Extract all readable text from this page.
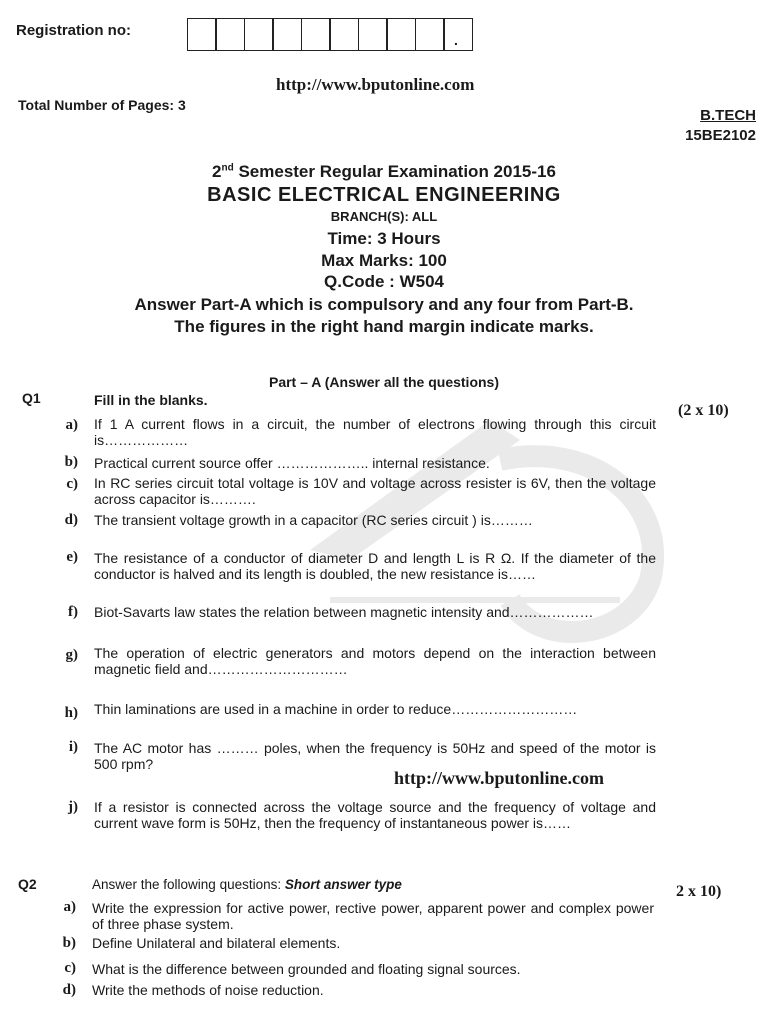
Registration no:
.
http://www.bputonline.com
Total Number of Pages: 3
B.TECH
15BE2102
2nd Semester Regular Examination 2015-16
BASIC ELECTRICAL ENGINEERING
BRANCH(S): ALL
Time: 3 Hours
Max Marks: 100
Q.Code : W504
Answer Part-A which is compulsory and any four from Part-B.
The figures in the right hand margin indicate marks.
Part – A (Answer all the questions)
Q1	Fill in the blanks.
(2 x 10)
a) If 1 A current flows in a circuit, the number of electrons flowing through this circuit is………………
b) Practical current source offer ……………….. internal resistance.
c) In RC series circuit total voltage is 10V and voltage across resister is 6V, then the voltage across capacitor is……….
d) The transient voltage growth in a capacitor (RC series circuit ) is………
e) The resistance of a conductor of diameter D and length L is R Ω. If the diameter of the conductor is halved and its length is doubled, the new resistance is……
f) Biot-Savarts law states the relation between magnetic intensity and………………
g) The operation of electric generators and motors depend on the interaction between magnetic field and…………………………
h) Thin laminations are used in a machine in order to reduce………………………
i) The AC motor has ……… poles, when the frequency is 50Hz and speed of the motor is 500 rpm?
http://www.bputonline.com
j) If a resistor is connected across the voltage source and the frequency of voltage and current wave form is 50Hz, then the frequency of instantaneous power is……
Q2	Answer the following questions: Short answer type	2 x 10)
a) Write the expression for active power, rective power, apparent power and complex power of three phase system.
b) Define Unilateral and bilateral elements.
c) What is the difference between grounded and floating signal sources.
d) Write the methods of noise reduction.
